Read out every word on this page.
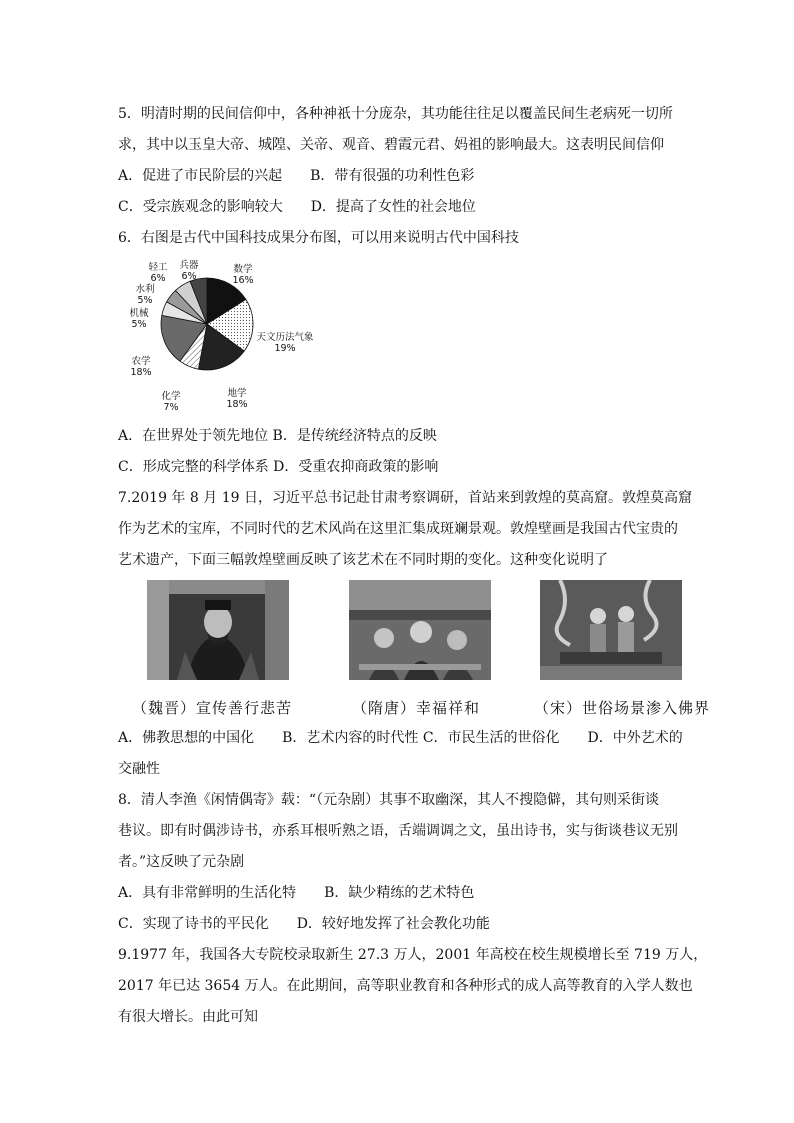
5．明清时期的民间信仰中，各种神祇十分庞杂，其功能往往足以覆盖民间生老病死一切所
求，其中以玉皇大帝、城隍、关帝、观音、碧霞元君、妈祖的影响最大。这表明民间信仰
A．促进了市民阶层的兴起　　B．带有很强的功利性色彩
C．受宗族观念的影响较大　　D．提高了女性的社会地位
6．右图是古代中国科技成果分布图，可以用来说明古代中国科技
数学
16%
天文历法气象
19%
地学
18%
化学
7%
农学
18%
机械
5%
水利
5%
轻工
6%
兵器
6%
A．在世界处于领先地位 B．是传统经济特点的反映
C．形成完整的科学体系 D．受重农抑商政策的影响
7.2019 年 8 月 19 日，习近平总书记赴甘肃考察调研，首站来到敦煌的莫高窟。敦煌莫高窟
作为艺术的宝库，不同时代的艺术风尚在这里汇集成斑斓景观。敦煌壁画是我国古代宝贵的
艺术遗产，下面三幅敦煌壁画反映了该艺术在不同时期的变化。这种变化说明了
（魏晋）宣传善行悲苦	（隋唐）幸福祥和	（宋）世俗场景渗入佛界
A．佛教思想的中国化　　B．艺术内容的时代性 C．市民生活的世俗化　　D．中外艺术的
交融性
8．清人李渔《闲情偶寄》载：“（元杂剧）其事不取幽深，其人不搜隐僻，其句则采街谈
巷议。即有时偶涉诗书，亦系耳根听熟之语，舌端调调之文，虽出诗书，实与街谈巷议无别
者。”这反映了元杂剧
A．具有非常鲜明的生活化特　　B．缺少精练的艺术特色
C．实现了诗书的平民化　　D．较好地发挥了社会教化功能
9.1977 年，我国各大专院校录取新生 27.3 万人，2001 年高校在校生规模增长至 719 万人，
2017 年已达 3654 万人。在此期间，高等职业教育和各种形式的成人高等教育的入学人数也
有很大增长。由此可知
